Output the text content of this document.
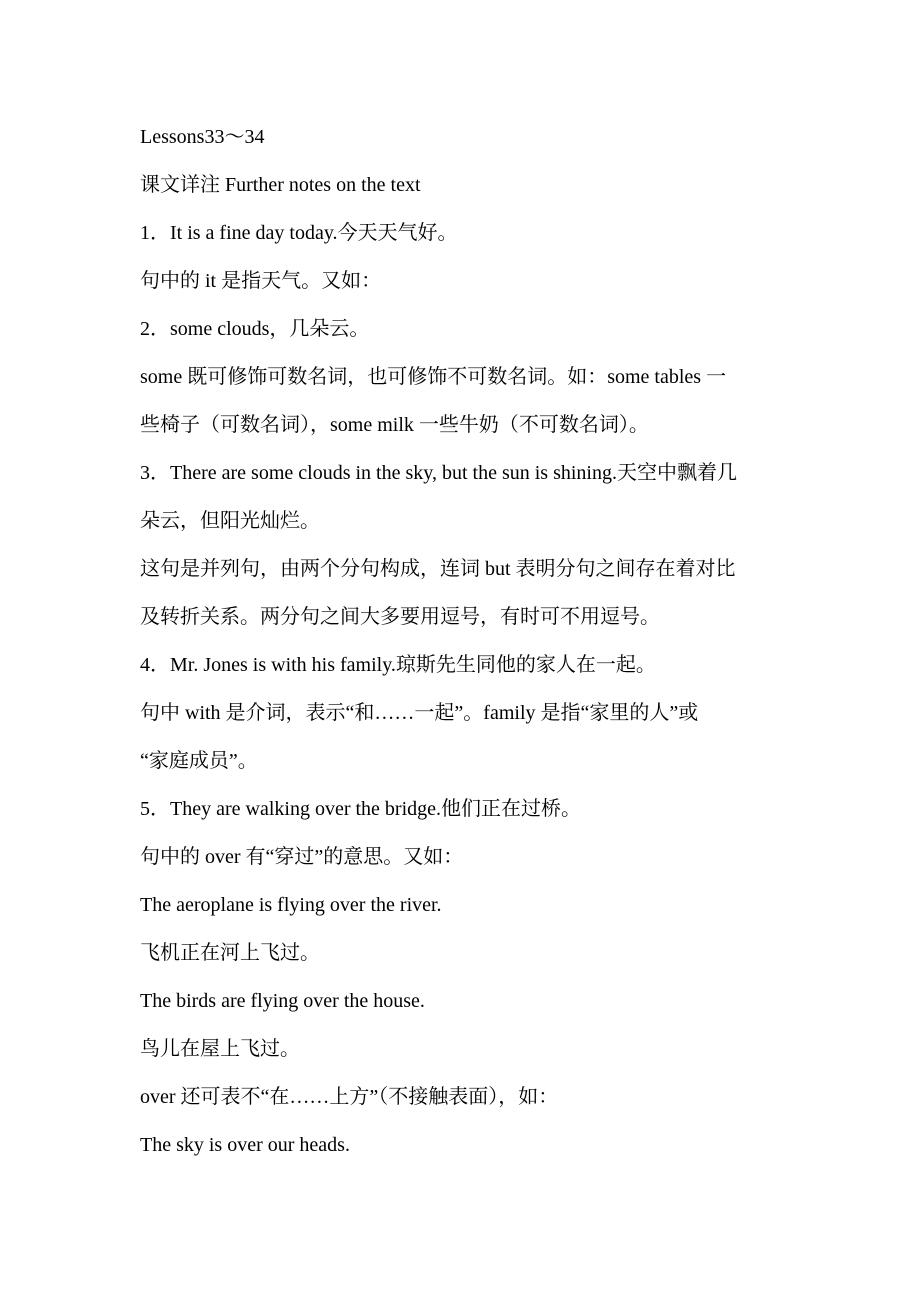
Lessons33～34
课文详注 Further notes on the text
1．It is a fine day today.今天天气好。
句中的 it 是指天气。又如：
2．some clouds，几朵云。
some 既可修饰可数名词，也可修饰不可数名词。如：some tables 一
些椅子（可数名词），some milk 一些牛奶（不可数名词）。
3．There are some clouds in the sky, but the sun is shining.天空中飘着几
朵云，但阳光灿烂。
这句是并列句，由两个分句构成，连词 but 表明分句之间存在着对比
及转折关系。两分句之间大多要用逗号，有时可不用逗号。
4．Mr. Jones is with his family.琼斯先生同他的家人在一起。
句中 with 是介词，表示“和……一起”。family 是指“家里的人”或
“家庭成员”。
5．They are walking over the bridge.他们正在过桥。
句中的 over 有“穿过”的意思。又如：
The aeroplane is flying over the river.
飞机正在河上飞过。
The birds are flying over the house.
鸟儿在屋上飞过。
over 还可表不“在……上方”（不接触表面），如：
The sky is over our heads.
